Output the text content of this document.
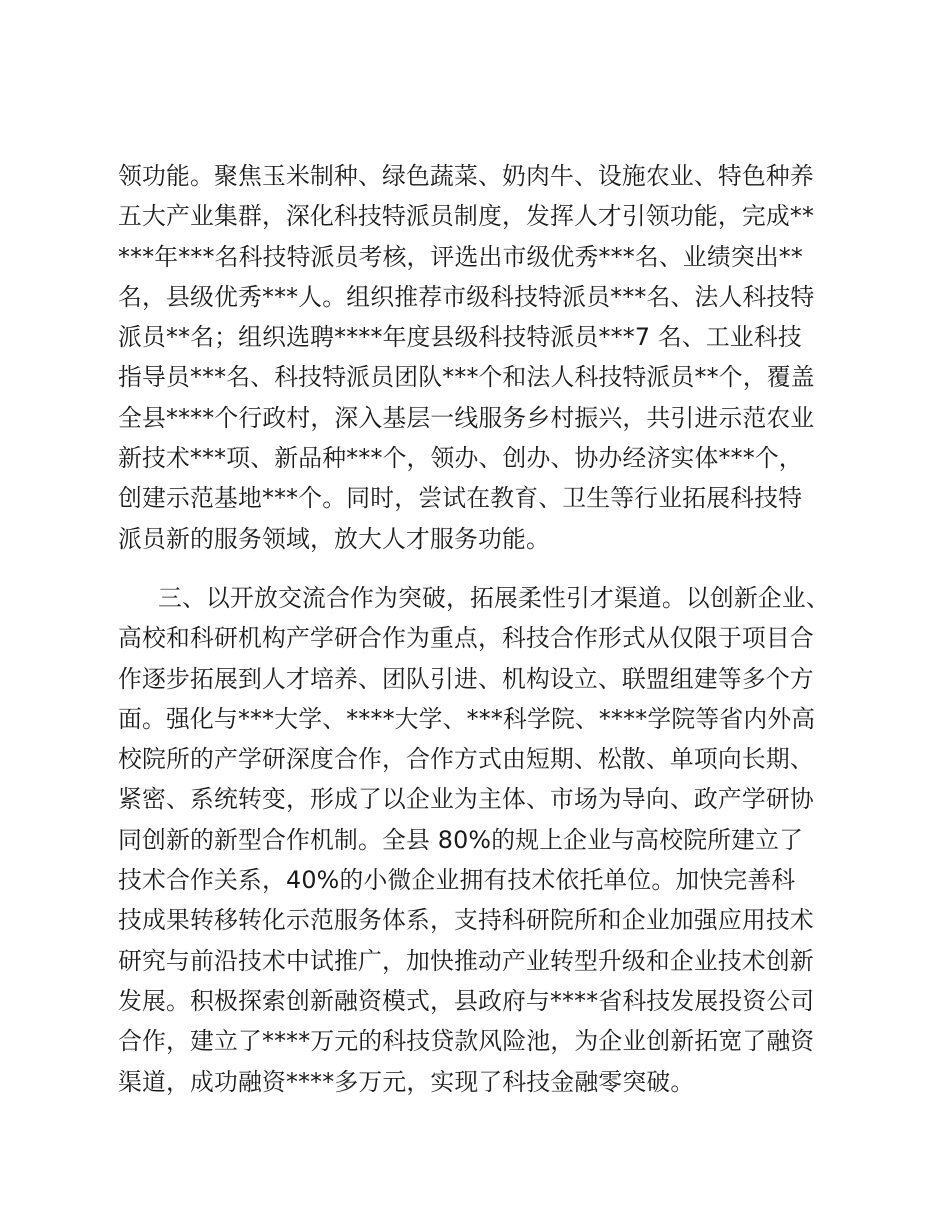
领功能。聚焦玉米制种、绿色蔬菜、奶肉牛、设施农业、特色种养
五大产业集群，深化科技特派员制度，发挥人才引领功能，完成**
***年***名科技特派员考核，评选出市级优秀***名、业绩突出**
名，县级优秀***人。组织推荐市级科技特派员***名、法人科技特
派员**名；组织选聘****年度县级科技特派员***7 名、工业科技
指导员***名、科技特派员团队***个和法人科技特派员**个，覆盖
全县****个行政村，深入基层一线服务乡村振兴，共引进示范农业
新技术***项、新品种***个，领办、创办、协办经济实体***个，
创建示范基地***个。同时，尝试在教育、卫生等行业拓展科技特
派员新的服务领域，放大人才服务功能。
三、以开放交流合作为突破，拓展柔性引才渠道。以创新企业、
高校和科研机构产学研合作为重点，科技合作形式从仅限于项目合
作逐步拓展到人才培养、团队引进、机构设立、联盟组建等多个方
面。强化与***大学、****大学、***科学院、****学院等省内外高
校院所的产学研深度合作，合作方式由短期、松散、单项向长期、
紧密、系统转变，形成了以企业为主体、市场为导向、政产学研协
同创新的新型合作机制。全县 80%的规上企业与高校院所建立了
技术合作关系，40%的小微企业拥有技术依托单位。加快完善科
技成果转移转化示范服务体系，支持科研院所和企业加强应用技术
研究与前沿技术中试推广，加快推动产业转型升级和企业技术创新
发展。积极探索创新融资模式，县政府与****省科技发展投资公司
合作，建立了****万元的科技贷款风险池，为企业创新拓宽了融资
渠道，成功融资****多万元，实现了科技金融零突破。
